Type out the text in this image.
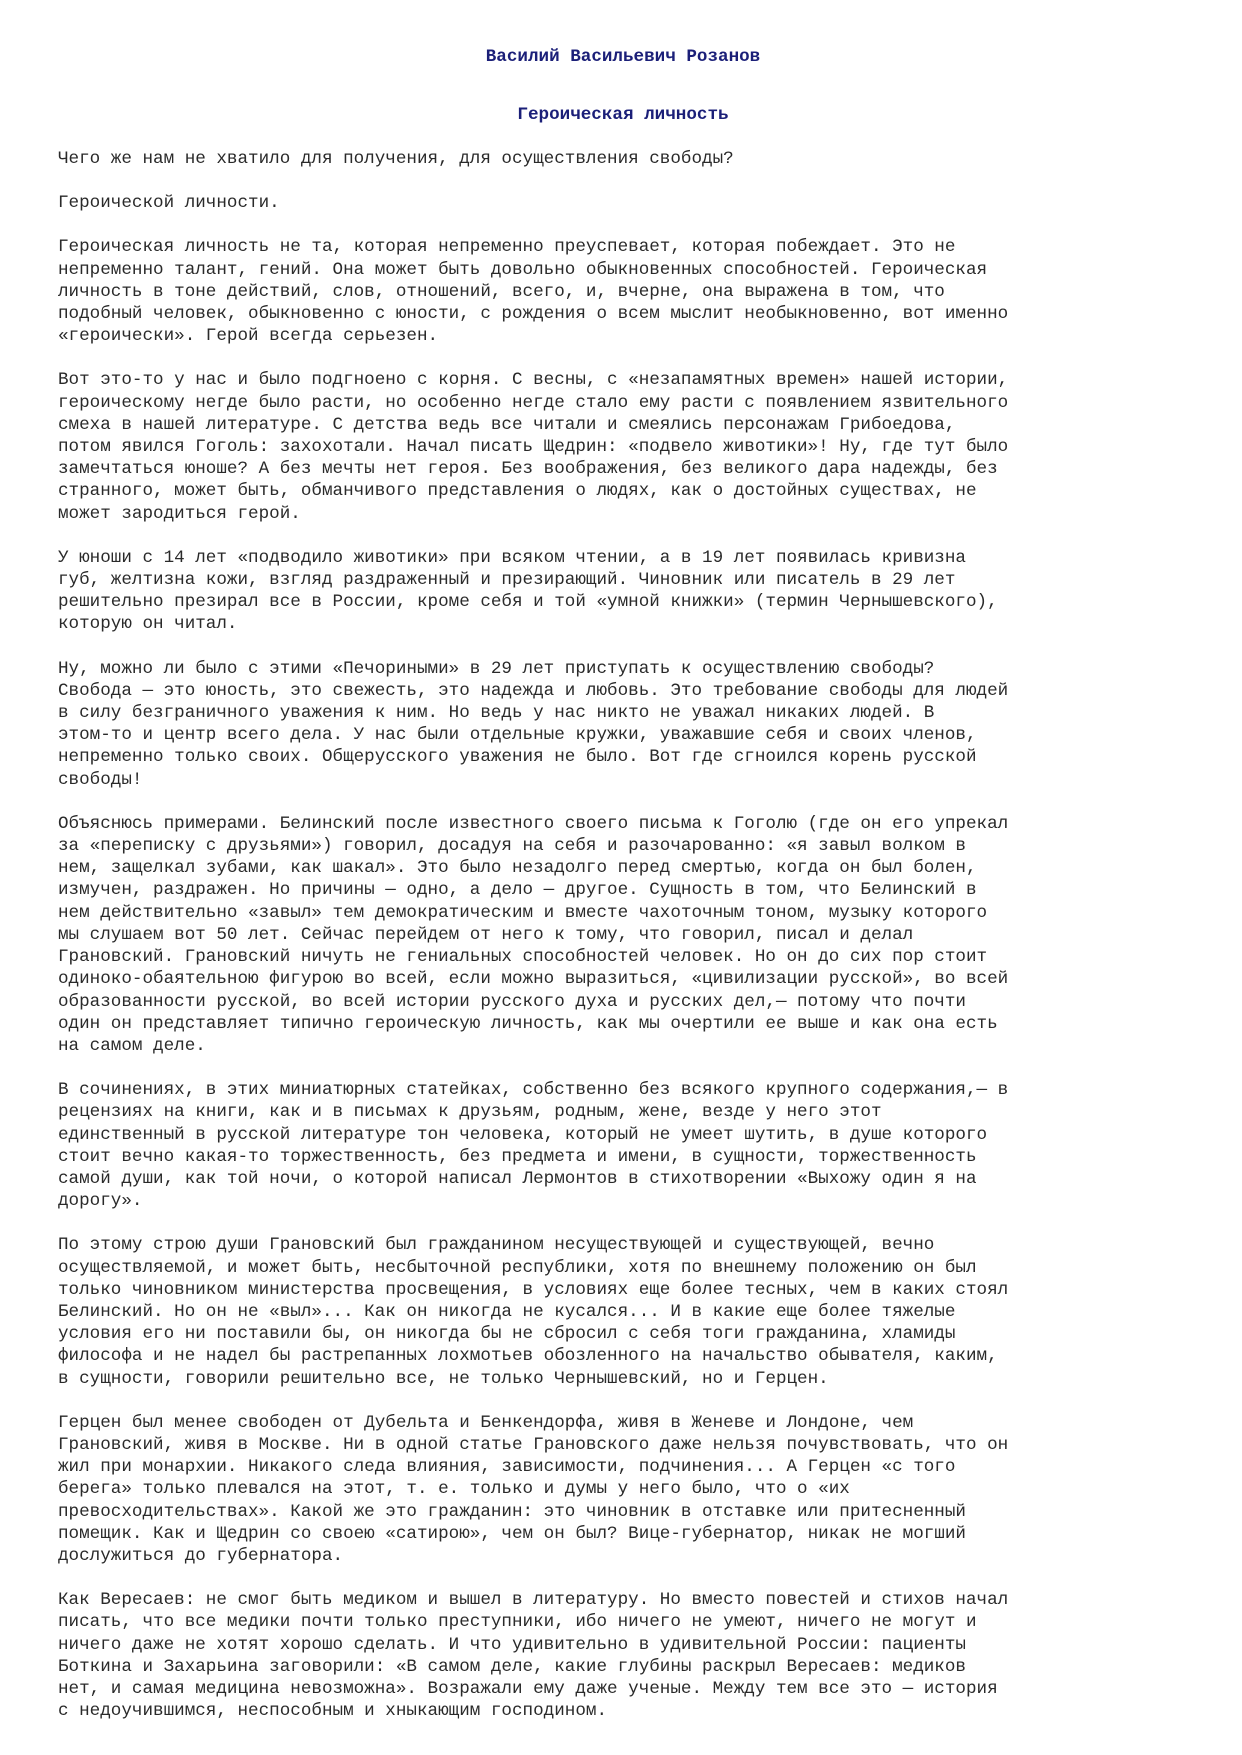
Василий Васильевич Розанов
Героическая личность

Чего же нам не хватило для получения, для осуществления свободы?

Героической личности.

Героическая личность не та, которая непременно преуспевает, которая побеждает. Это не
непременно талант, гений. Она может быть довольно обыкновенных способностей. Героическая
личность в тоне действий, слов, отношений, всего, и, вчерне, она выражена в том, что
подобный человек, обыкновенно с юности, с рождения о всем мыслит необыкновенно, вот именно
«героически». Герой всегда серьезен.

Вот это-то у нас и было подгноено с корня. С весны, с «незапамятных времен» нашей истории,
героическому негде было расти, но особенно негде стало ему расти с появлением язвительного
смеха в нашей литературе. С детства ведь все читали и смеялись персонажам Грибоедова,
потом явился Гоголь: захохотали. Начал писать Щедрин: «подвело животики»! Ну, где тут было
замечтаться юноше? А без мечты нет героя. Без воображения, без великого дара надежды, без
странного, может быть, обманчивого представления о людях, как о достойных существах, не
может зародиться герой.

У юноши с 14 лет «подводило животики» при всяком чтении, а в 19 лет появилась кривизна
губ, желтизна кожи, взгляд раздраженный и презирающий. Чиновник или писатель в 29 лет
решительно презирал все в России, кроме себя и той «умной книжки» (термин Чернышевского),
которую он читал.

Ну, можно ли было с этими «Печориными» в 29 лет приступать к осуществлению свободы?
Свобода — это юность, это свежесть, это надежда и любовь. Это требование свободы для людей
в силу безграничного уважения к ним. Но ведь у нас никто не уважал никаких людей. В
этом-то и центр всего дела. У нас были отдельные кружки, уважавшие себя и своих членов,
непременно только своих. Общерусского уважения не было. Вот где сгноился корень русской
свободы!

Объяснюсь примерами. Белинский после известного своего письма к Гоголю (где он его упрекал
за «переписку с друзьями») говорил, досадуя на себя и разочарованно: «я завыл волком в
нем, защелкал зубами, как шакал». Это было незадолго перед смертью, когда он был болен,
измучен, раздражен. Но причины — одно, а дело — другое. Сущность в том, что Белинский в
нем действительно «завыл» тем демократическим и вместе чахоточным тоном, музыку которого
мы слушаем вот 50 лет. Сейчас перейдем от него к тому, что говорил, писал и делал
Грановский. Грановский ничуть не гениальных способностей человек. Но он до сих пор стоит
одиноко-обаятельною фигурою во всей, если можно выразиться, «цивилизации русской», во всей
образованности русской, во всей истории русского духа и русских дел,— потому что почти
один он представляет типично героическую личность, как мы очертили ее выше и как она есть
на самом деле.

В сочинениях, в этих миниатюрных статейках, собственно без всякого крупного содержания,— в
рецензиях на книги, как и в письмах к друзьям, родным, жене, везде у него этот
единственный в русской литературе тон человека, который не умеет шутить, в душе которого
стоит вечно какая-то торжественность, без предмета и имени, в сущности, торжественность
самой души, как той ночи, о которой написал Лермонтов в стихотворении «Выхожу один я на
дорогу».

По этому строю души Грановский был гражданином несуществующей и существующей, вечно
осуществляемой, и может быть, несбыточной республики, хотя по внешнему положению он был
только чиновником министерства просвещения, в условиях еще более тесных, чем в каких стоял
Белинский. Но он не «выл»... Как он никогда не кусался... И в какие еще более тяжелые
условия его ни поставили бы, он никогда бы не сбросил с себя тоги гражданина, хламиды
философа и не надел бы растрепанных лохмотьев обозленного на начальство обывателя, каким,
в сущности, говорили решительно все, не только Чернышевский, но и Герцен.

Герцен был менее свободен от Дубельта и Бенкендорфа, живя в Женеве и Лондоне, чем
Грановский, живя в Москве. Ни в одной статье Грановского даже нельзя почувствовать, что он
жил при монархии. Никакого следа влияния, зависимости, подчинения... А Герцен «с того
берега» только плевался на этот, т. е. только и думы у него было, что о «их
превосходительствах». Какой же это гражданин: это чиновник в отставке или притесненный
помещик. Как и Щедрин со своею «сатирою», чем он был? Вице-губернатор, никак не могший
дослужиться до губернатора.

Как Вересаев: не смог быть медиком и вышел в литературу. Но вместо повестей и стихов начал
писать, что все медики почти только преступники, ибо ничего не умеют, ничего не могут и
ничего даже не хотят хорошо сделать. И что удивительно в удивительной России: пациенты
Боткина и Захарьина заговорили: «В самом деле, какие глубины раскрыл Вересаев: медиков
нет, и самая медицина невозможна». Возражали ему даже ученые. Между тем все это — история
с недоучившимся, неспособным и хныкающим господином.
